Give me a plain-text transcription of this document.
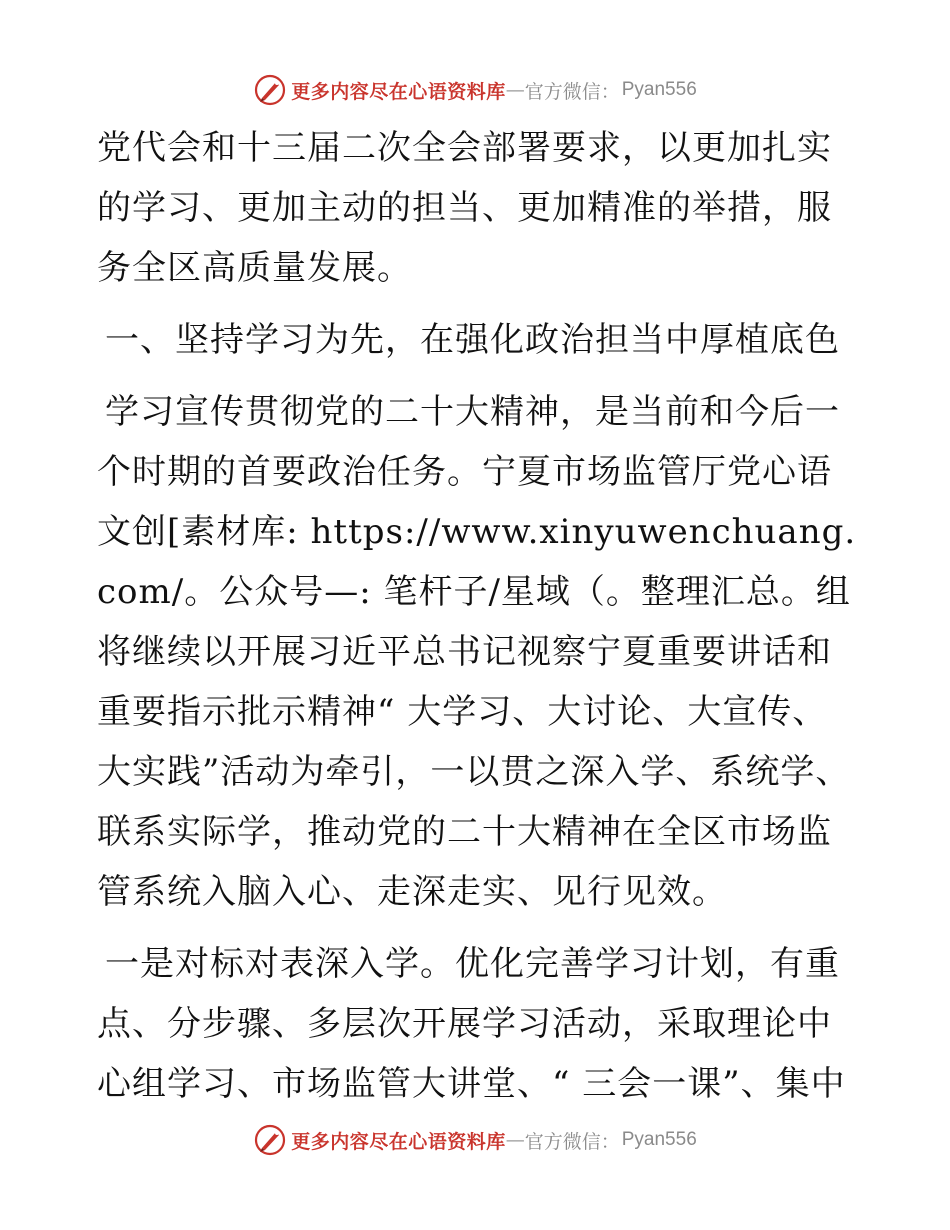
更多内容尽在心语资料库 — 官方微信： Pyan556

党代会和十三届二次全会部署要求，以更加扎实的学习、更加主动的担当、更加精准的举措，服务全区高质量发展。

一、坚持学习为先，在强化政治担当中厚植底色

学习宣传贯彻党的二十大精神，是当前和今后一个时期的首要政治任务。宁夏市场监管厅党心语文创[素材库: https://www.xinyuwenchuang.com/。公众号—: 笔杆子/星域（。整理汇总。组将继续以开展习近平总书记视察宁夏重要讲话和重要指示批示精神“ 大学习、大讨论、大宣传、大实践”活动为牵引，一以贯之深入学、系统学、联系实际学，推动党的二十大精神在全区市场监管系统入脑入心、走深走实、见行见效。

一是对标对表深入学。优化完善学习计划，有重点、分步骤、多层次开展学习活动，采取理论中心组学习、市场监管大讲堂、“ 三会一课”、集中

更多内容尽在心语资料库 — 官方微信： Pyan556
